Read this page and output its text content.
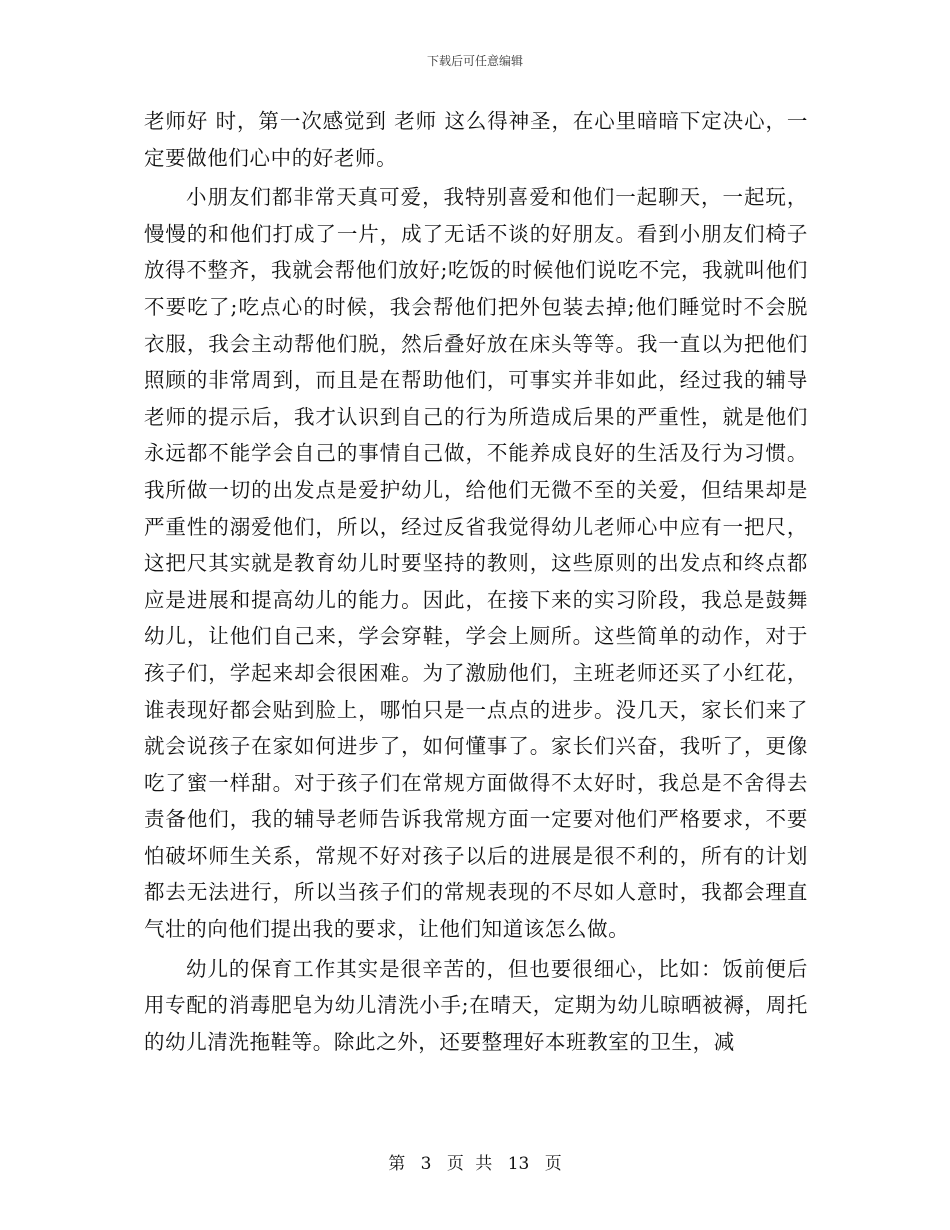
下载后可任意编辑

老师好 时，第一次感觉到 老师 这么得神圣，在心里暗暗下定决心，一定要做他们心中的好老师。

小朋友们都非常天真可爱，我特别喜爱和他们一起聊天，一起玩，慢慢的和他们打成了一片，成了无话不谈的好朋友。看到小朋友们椅子放得不整齐，我就会帮他们放好;吃饭的时候他们说吃不完，我就叫他们不要吃了;吃点心的时候，我会帮他们把外包装去掉;他们睡觉时不会脱衣服，我会主动帮他们脱，然后叠好放在床头等等。我一直以为把他们照顾的非常周到，而且是在帮助他们，可事实并非如此，经过我的辅导老师的提示后，我才认识到自己的行为所造成后果的严重性，就是他们永远都不能学会自己的事情自己做，不能养成良好的生活及行为习惯。我所做一切的出发点是爱护幼儿，给他们无微不至的关爱，但结果却是严重性的溺爱他们，所以，经过反省我觉得幼儿老师心中应有一把尺，这把尺其实就是教育幼儿时要坚持的教则，这些原则的出发点和终点都应是进展和提高幼儿的能力。因此，在接下来的实习阶段，我总是鼓舞幼儿，让他们自己来，学会穿鞋，学会上厕所。这些简单的动作，对于孩子们，学起来却会很困难。为了激励他们，主班老师还买了小红花，谁表现好都会贴到脸上，哪怕只是一点点的进步。没几天，家长们来了就会说孩子在家如何进步了，如何懂事了。家长们兴奋，我听了，更像吃了蜜一样甜。对于孩子们在常规方面做得不太好时，我总是不舍得去责备他们，我的辅导老师告诉我常规方面一定要对他们严格要求，不要怕破坏师生关系，常规不好对孩子以后的进展是很不利的，所有的计划都去无法进行，所以当孩子们的常规表现的不尽如人意时，我都会理直气壮的向他们提出我的要求，让他们知道该怎么做。

幼儿的保育工作其实是很辛苦的，但也要很细心，比如：饭前便后用专配的消毒肥皂为幼儿清洗小手;在晴天，定期为幼儿晾晒被褥，周托的幼儿清洗拖鞋等。除此之外，还要整理好本班教室的卫生，减

第 3 页 共 13 页
